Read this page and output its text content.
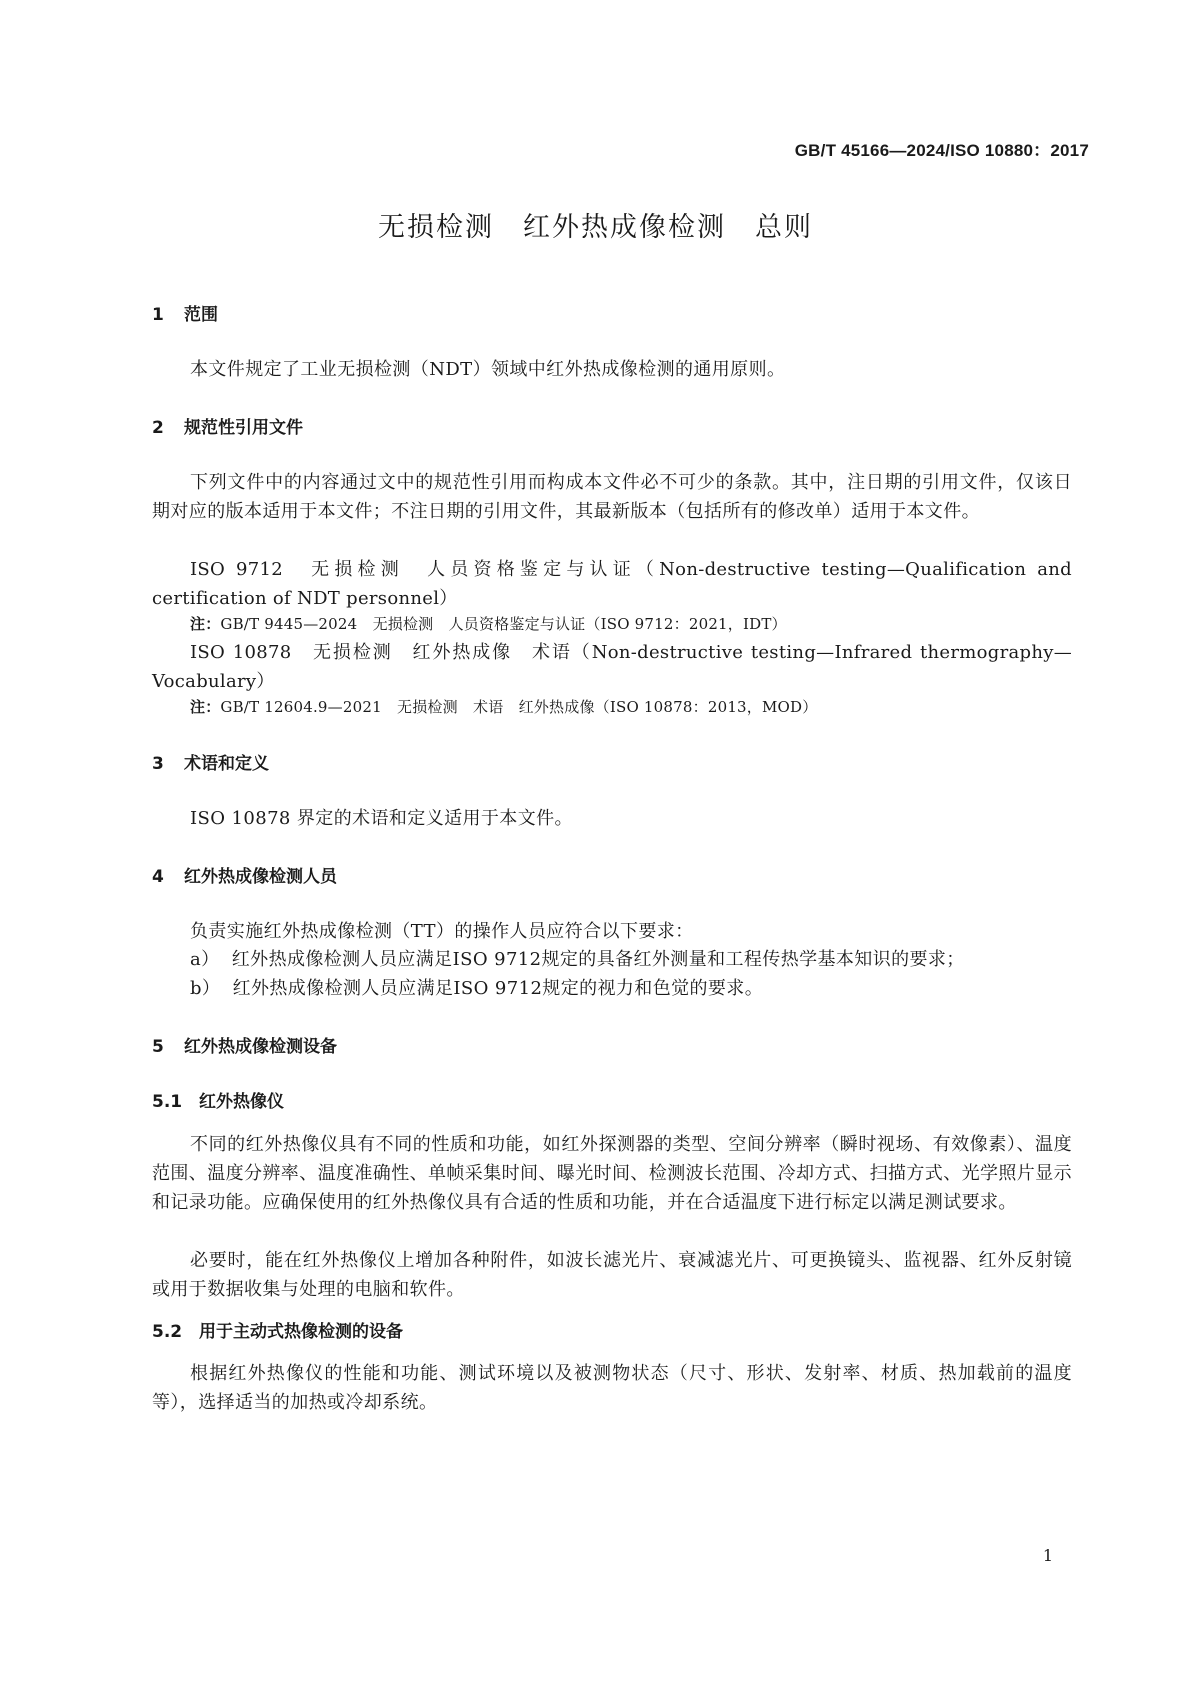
GB/T 45166—2024/ISO 10880：2017
无损检测　红外热成像检测　总则
1 范围
本文件规定了工业无损检测（NDT）领域中红外热成像检测的通用原则。
2 规范性引用文件
下列文件中的内容通过文中的规范性引用而构成本文件必不可少的条款。其中，注日期的引用文件，仅该日期对应的版本适用于本文件；不注日期的引用文件，其最新版本（包括所有的修改单）适用于本文件。
ISO 9712　无损检测　人员资格鉴定与认证（Non-destructive testing—Qualification and certification of NDT personnel）
注：GB/T 9445—2024　无损检测　人员资格鉴定与认证（ISO 9712：2021，IDT）
ISO 10878　无损检测　红外热成像　术语（Non-destructive testing—Infrared thermography—Vocabulary）
注：GB/T 12604.9—2021　无损检测　术语　红外热成像（ISO 10878：2013，MOD）
3 术语和定义
ISO 10878 界定的术语和定义适用于本文件。
4 红外热成像检测人员
负责实施红外热成像检测（TT）的操作人员应符合以下要求：
a）  红外热成像检测人员应满足ISO 9712规定的具备红外测量和工程传热学基本知识的要求；
b）  红外热成像检测人员应满足ISO 9712规定的视力和色觉的要求。
5 红外热成像检测设备
5.1 红外热像仪
不同的红外热像仪具有不同的性质和功能，如红外探测器的类型、空间分辨率（瞬时视场、有效像素）、温度范围、温度分辨率、温度准确性、单帧采集时间、曝光时间、检测波长范围、冷却方式、扫描方式、光学照片显示和记录功能。应确保使用的红外热像仪具有合适的性质和功能，并在合适温度下进行标定以满足测试要求。
必要时，能在红外热像仪上增加各种附件，如波长滤光片、衰减滤光片、可更换镜头、监视器、红外反射镜或用于数据收集与处理的电脑和软件。
5.2 用于主动式热像检测的设备
根据红外热像仪的性能和功能、测试环境以及被测物状态（尺寸、形状、发射率、材质、热加载前的温度等），选择适当的加热或冷却系统。
1
